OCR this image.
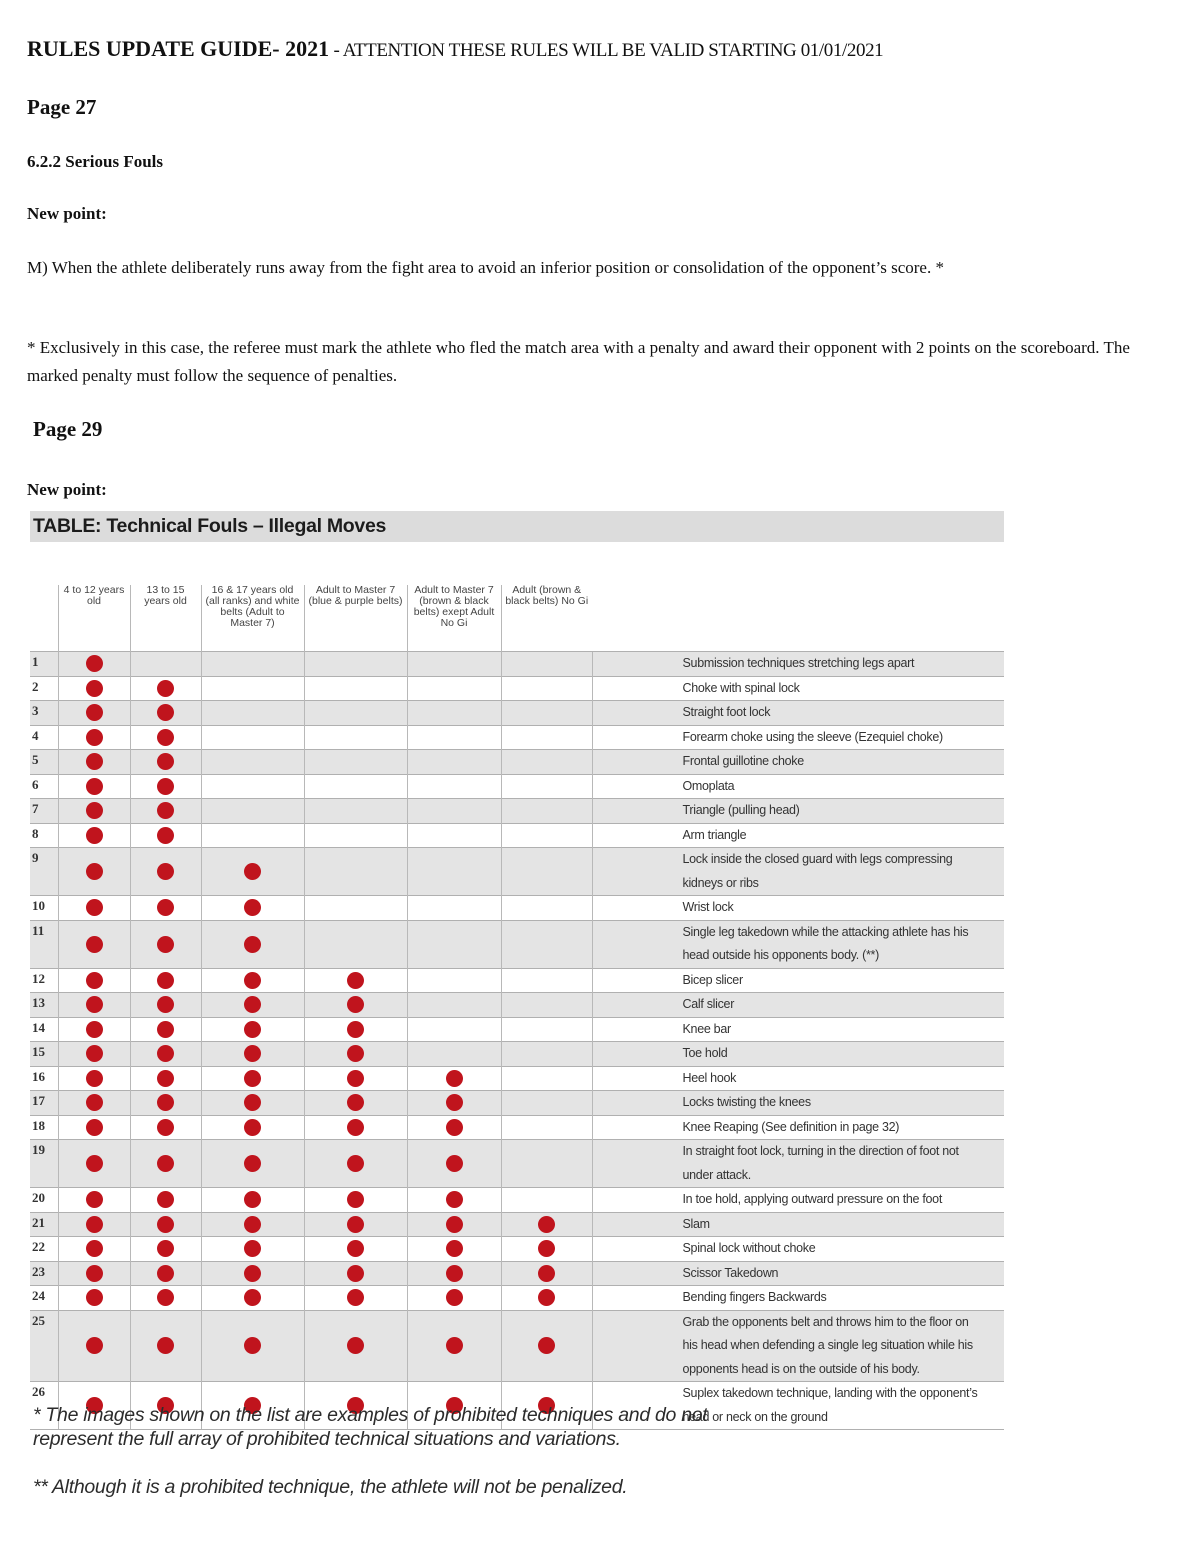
RULES UPDATE GUIDE- 2021 - ATTENTION THESE RULES WILL BE VALID STARTING 01/01/2021
Page 27
6.2.2 Serious Fouls
New point:
M) When the athlete deliberately runs away from the fight area to avoid an inferior position or consolidation of the opponent’s score. *
* Exclusively in this case, the referee must mark the athlete who fled the match area with a penalty and award their opponent with 2 points on the scoreboard. The marked penalty must follow the sequence of penalties.
Page 29
New point:
TABLE: Technical Fouls – Illegal Moves
	4 to 12 years old	13 to 15 years old	16 & 17 years old (all ranks) and white belts (Adult to Master 7)	Adult to Master 7 (blue & purple belts)	Adult to Master 7 (brown & black belts) exept Adult No Gi	Adult (brown & black belts) No Gi	
1							Submission techniques stretching legs apart
2							Choke with spinal lock
3							Straight foot lock
4							Forearm choke using the sleeve (Ezequiel choke)
5							Frontal guillotine choke
6							Omoplata
7							Triangle (pulling head)
8							Arm triangle
9							Lock inside the closed guard with legs compressing kidneys or ribs
10							Wrist lock
11							Single leg takedown while the attacking athlete has his head outside his opponents body. (**)
12							Bicep slicer
13							Calf slicer
14							Knee bar
15							Toe hold
16							Heel hook
17							Locks twisting the knees
18							Knee Reaping (See definition in page 32)
19							In straight foot lock, turning in the direction of foot not under attack.
20							In toe hold, applying outward pressure on the foot
21							Slam
22							Spinal lock without choke
23							Scissor Takedown
24							Bending fingers Backwards
25							Grab the opponents belt and throws him to the floor on his head when defending a single leg situation while his opponents head is on the outside of his body.
26							Suplex takedown technique, landing with the opponent’s head or neck on the ground
* The images shown on the list are examples of prohibited techniques and do not represent the full array of prohibited technical situations and variations.
** Although it is a prohibited technique, the athlete will not be penalized.
